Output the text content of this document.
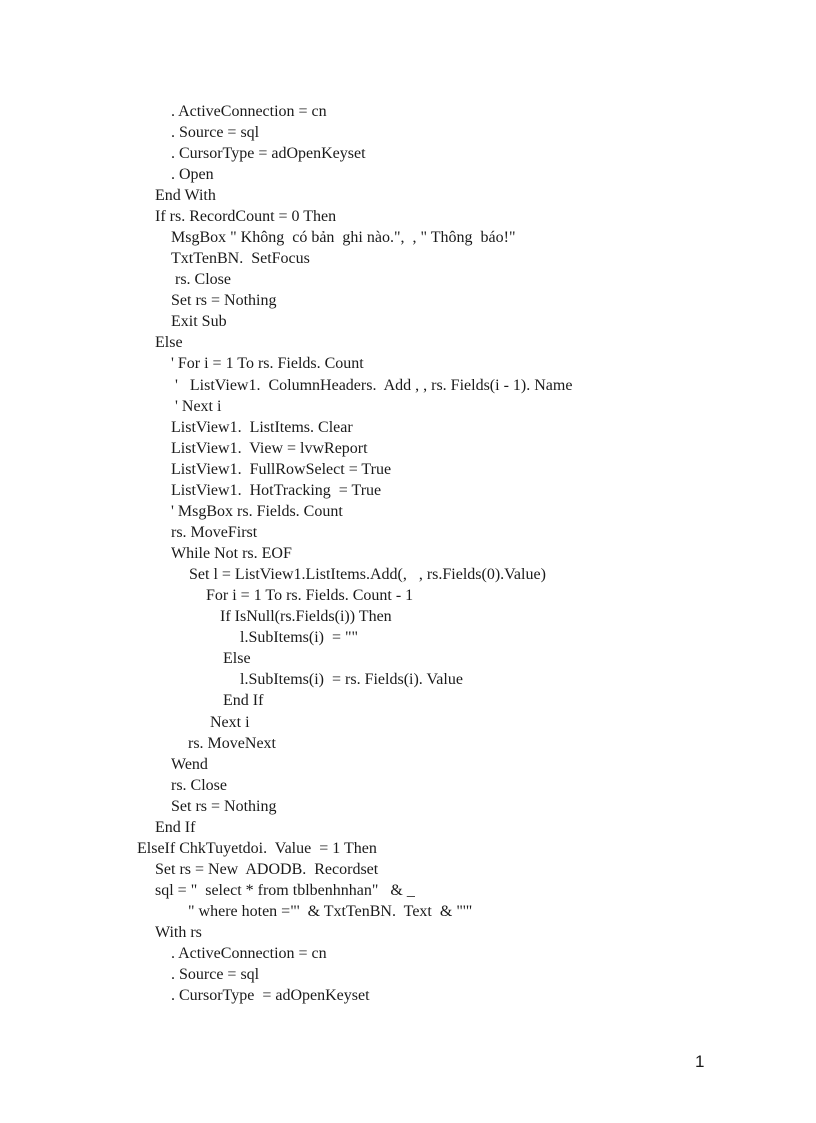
. ActiveConnection = cn
. Source = sql
. CursorType = adOpenKeyset
. Open
End With
If rs. RecordCount = 0 Then
MsgBox " Không  có bản  ghi nào.",  , " Thông  báo!"
TxtTenBN.  SetFocus
rs. Close
Set rs = Nothing
Exit Sub
Else
' For i = 1 To rs. Fields. Count
'   ListView1.  ColumnHeaders.  Add , , rs. Fields(i - 1). Name
' Next i
ListView1.  ListItems. Clear
ListView1.  View = lvwReport
ListView1.  FullRowSelect = True
ListView1.  HotTracking  = True
' MsgBox rs. Fields. Count
rs. MoveFirst
While Not rs. EOF
Set l = ListView1.ListItems.Add(,   , rs.Fields(0).Value)
For i = 1 To rs. Fields. Count - 1
If IsNull(rs.Fields(i)) Then
l.SubItems(i)  = ""
Else
l.SubItems(i)  = rs. Fields(i). Value
End If
Next i
rs. MoveNext
Wend
rs. Close
Set rs = Nothing
End If
ElseIf ChkTuyetdoi.  Value  = 1 Then
Set rs = New  ADODB.  Recordset
sql = "  select * from tblbenhnhan"   & _
" where hoten ="'  & TxtTenBN.  Text  & "'"
With rs
. ActiveConnection = cn
. Source = sql
. CursorType  = adOpenKeyset
1
